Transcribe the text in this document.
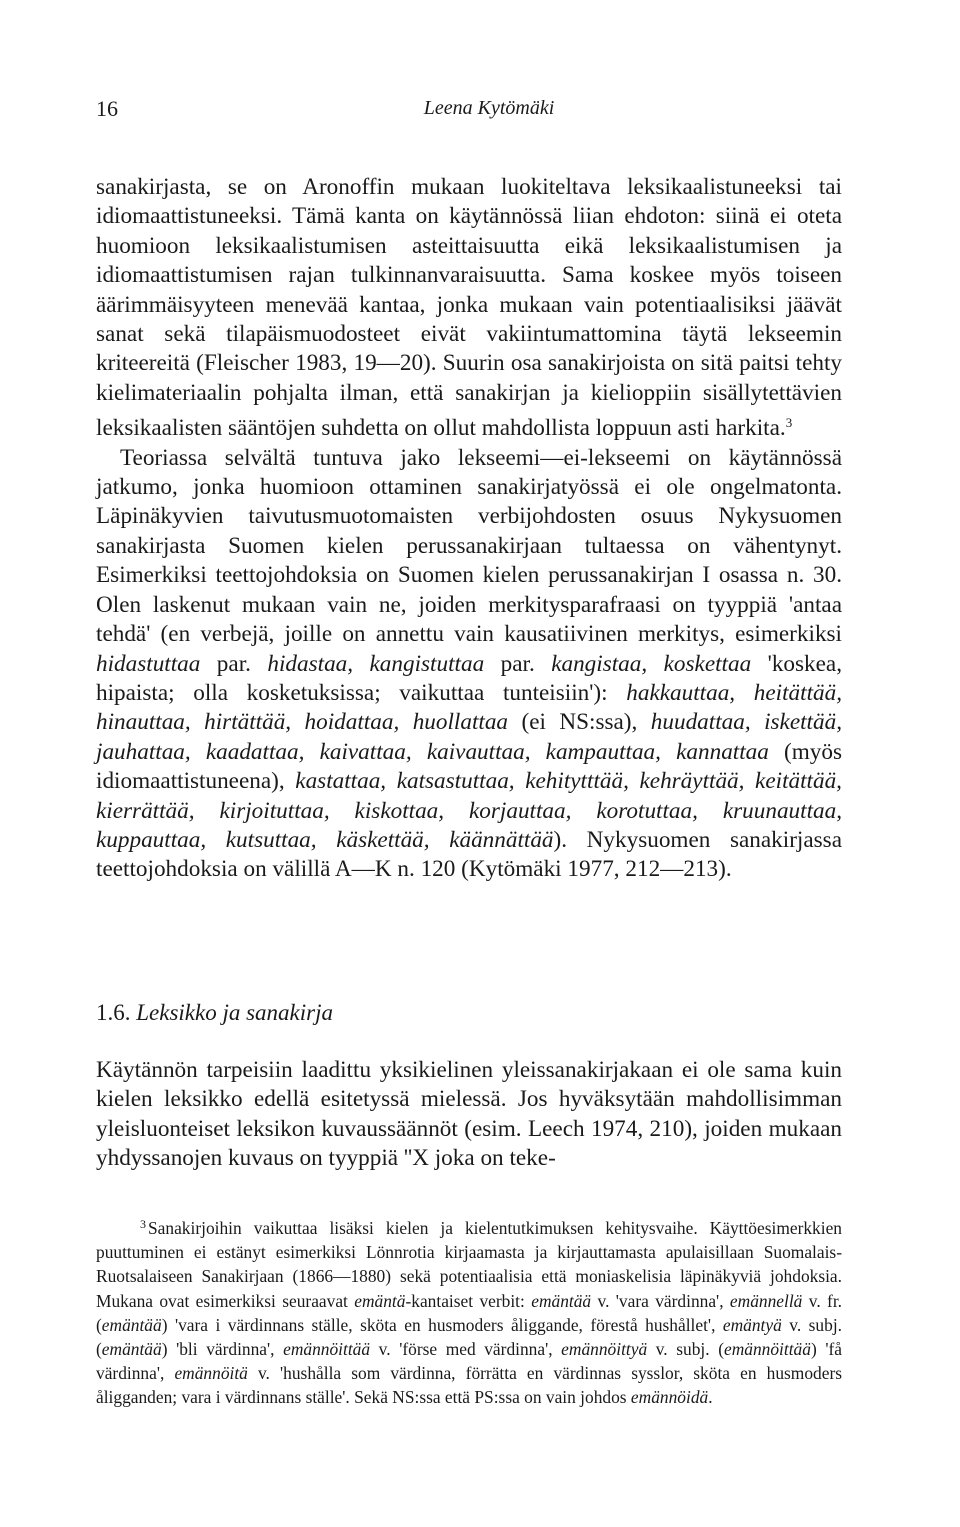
16	Leena Kytömäki

sanakirjasta, se on Aronoffin mukaan luokiteltava leksikaalistuneeksi tai idiomaattistuneeksi. Tämä kanta on käytännössä liian ehdoton: siinä ei oteta huomioon leksikaalistumisen asteittaisuutta eikä leksikaalistumisen ja idiomaattistumisen rajan tulkinnanvaraisuutta. Sama koskee myös toiseen äärimmäisyyteen menevää kantaa, jonka mukaan vain potentiaalisiksi jäävät sanat sekä tilapäismuodosteet eivät vakiintumattomina täytä lekseemin kriteereitä (Fleischer 1983, 19—20). Suurin osa sanakirjoista on sitä paitsi tehty kielimateriaalin pohjalta ilman, että sanakirjan ja kielioppiin sisällytettävien leksikaalisten sääntöjen suhdetta on ollut mahdollista loppuun asti harkita.$^3$

Teoriassa selvältä tuntuva jako lekseemi—ei-lekseemi on käytännössä jatkumo, jonka huomioon ottaminen sanakirjatyössä ei ole ongelmatonta. Läpinäkyvien taivutusmuotomaisten verbijohdosten osuus Nykysuomen sanakirjasta Suomen kielen perussanakirjaan tultaessa on vähentynyt. Esimerkiksi teettojohdoksia on Suomen kielen perussanakirjan I osassa n. 30. Olen laskenut mukaan vain ne, joiden merkitysparafraasi on tyyppiä 'antaa tehdä' (en verbejä, joille on annettu vain kausatiivinen merkitys, esimerkiksi hidastuttaa par. hidastaa, kangistuttaa par. kangistaa, koskettaa 'koskea, hipaista; olla kosketuksissa; vaikuttaa tunteisiin'): hakkauttaa, heitättää, hinauttaa, hirtättää, hoidattaa, huollattaa (ei NS:ssa), huudattaa, iskettää, jauhattaa, kaadattaa, kaivattaa, kaivauttaa, kampauttaa, kannattaa (myös idiomaattistuneena), kastattaa, katsastuttaa, kehitytttää, kehräyttää, keitättää, kierrättää, kirjoituttaa, kiskottaa, korjauttaa, korotuttaa, kruunauttaa, kuppauttaa, kutsuttaa, käskettää, käännättää). Nykysuomen sanakirjassa teettojohdoksia on välillä A—K n. 120 (Kytömäki 1977, 212—213).

1.6. Leksikko ja sanakirja

Käytännön tarpeisiin laadittu yksikielinen yleissanakirjakaan ei ole sama kuin kielen leksikko edellä esitetyssä mielessä. Jos hyväksytään mahdollisimman yleisluonteiset leksikon kuvaussäännöt (esim. Leech 1974, 210), joiden mukaan yhdyssanojen kuvaus on tyyppiä ''X joka on teke-

$^3$ Sanakirjoihin vaikuttaa lisäksi kielen ja kielentutkimuksen kehitysvaihe. Käyttöesimerkkien puuttuminen ei estänyt esimerkiksi Lönnrotia kirjaamasta ja kirjauttamasta apulaisillaan Suomalais-Ruotsalaiseen Sanakirjaan (1866—1880) sekä potentiaalisia että moniaskelisia läpinäkyviä johdoksia. Mukana ovat esimerkiksi seuraavat emäntä-kantaiset verbit: emäntää v. 'vara värdinna', emännellä v. fr. (emäntää) 'vara i värdinnans ställe, sköta en husmoders åliggande, förestå hushållet', emäntyä v. subj. (emäntää) 'bli värdinna', emännöittää v. 'förse med värdinna', emännöittyä v. subj. (emännöittää) 'få värdinna', emännöitä v. 'hushålla som värdinna, förrätta en värdinnas sysslor, sköta en husmoders åligganden; vara i värdinnans ställe'. Sekä NS:ssa että PS:ssa on vain johdos emännöidä.
